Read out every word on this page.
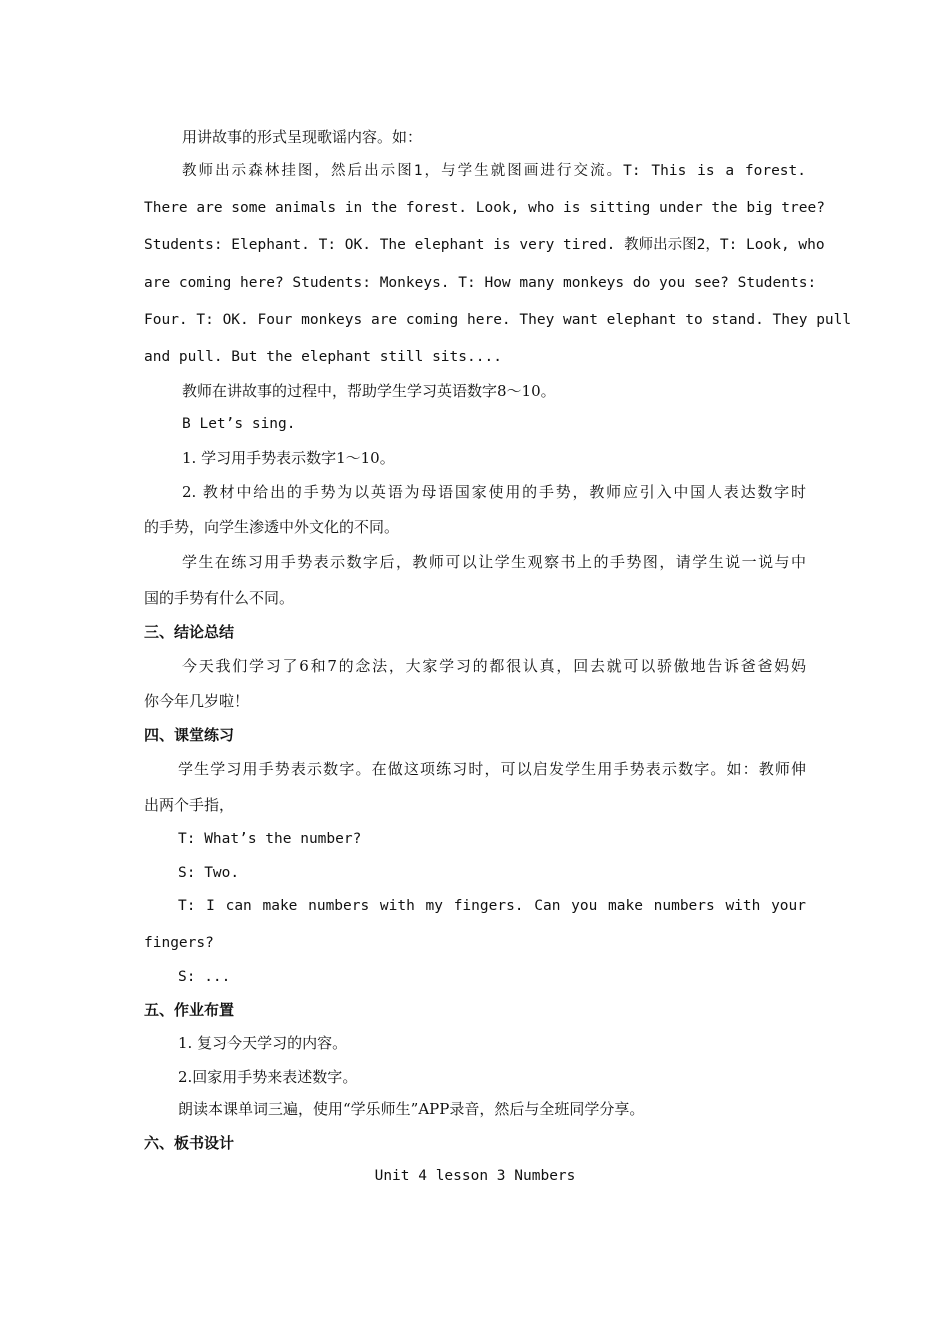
用讲故事的形式呈现歌谣内容。如：

教师出示森林挂图，然后出示图1，与学生就图画进行交流。T: This is a forest.

There are some animals in the forest. Look, who is sitting under the big tree?

Students: Elephant. T: OK. The elephant is very tired. 教师出示图2，T: Look, who

are coming here? Students: Monkeys. T: How many monkeys do you see? Students:

Four. T: OK. Four monkeys are coming here. They want elephant to stand. They pull

and pull. But the elephant still sits....

教师在讲故事的过程中，帮助学生学习英语数字8～10。

B Let’s sing.

1. 学习用手势表示数字1～10。

2. 教材中给出的手势为以英语为母语国家使用的手势，教师应引入中国人表达数字时

的手势，向学生渗透中外文化的不同。

学生在练习用手势表示数字后，教师可以让学生观察书上的手势图，请学生说一说与中

国的手势有什么不同。

三、结论总结

今天我们学习了6和7的念法，大家学习的都很认真，回去就可以骄傲地告诉爸爸妈妈

你今年几岁啦！

四、课堂练习

学生学习用手势表示数字。在做这项练习时，可以启发学生用手势表示数字。如：教师伸

出两个手指，

T: What’s the number?

S: Two.

T: I can make numbers with my fingers. Can you make numbers with your

fingers?

S: ...

五、作业布置

1. 复习今天学习的内容。

2.回家用手势来表述数字。

朗读本课单词三遍，使用“学乐师生”APP录音，然后与全班同学分享。

六、板书设计

Unit 4 lesson 3 Numbers
